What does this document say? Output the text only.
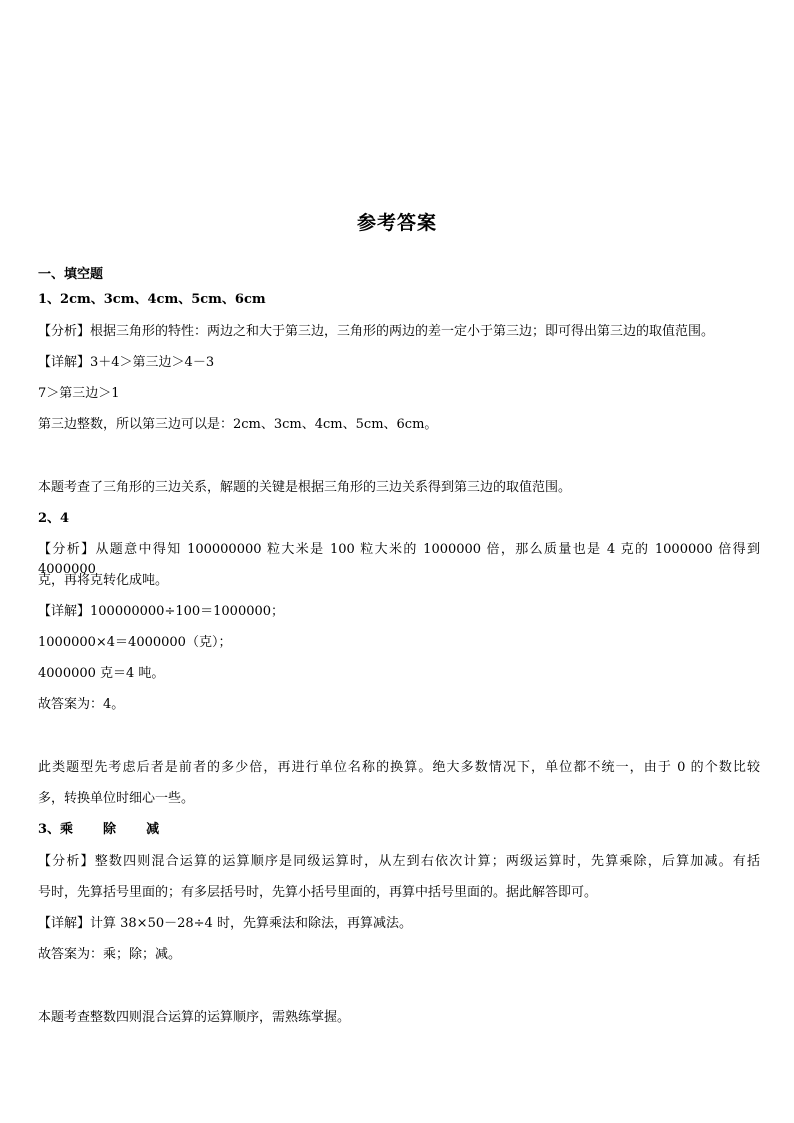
参考答案
一、填空题
1、2cm、3cm、4cm、5cm、6cm
【分析】根据三角形的特性：两边之和大于第三边，三角形的两边的差一定小于第三边；即可得出第三边的取值范围。
【详解】3＋4＞第三边＞4－3
7＞第三边＞1
第三边整数，所以第三边可以是：2cm、3cm、4cm、5cm、6cm。
本题考查了三角形的三边关系，解题的关键是根据三角形的三边关系得到第三边的取值范围。
2、4
【分析】从题意中得知 100000000 粒大米是 100 粒大米的 1000000 倍，那么质量也是 4 克的 1000000 倍得到 4000000
克，再将克转化成吨。
【详解】100000000÷100＝1000000；
1000000×4＝4000000（克）；
4000000 克＝4 吨。
故答案为：4。
此类题型先考虑后者是前者的多少倍，再进行单位名称的换算。绝大多数情况下，单位都不统一，由于 0 的个数比较
多，转换单位时细心一些。
3、乘 除 减
【分析】整数四则混合运算的运算顺序是同级运算时，从左到右依次计算；两级运算时，先算乘除，后算加减。有括
号时，先算括号里面的；有多层括号时，先算小括号里面的，再算中括号里面的。据此解答即可。
【详解】计算 38×50－28÷4 时，先算乘法和除法，再算减法。
故答案为：乘；除；减。
本题考查整数四则混合运算的运算顺序，需熟练掌握。
